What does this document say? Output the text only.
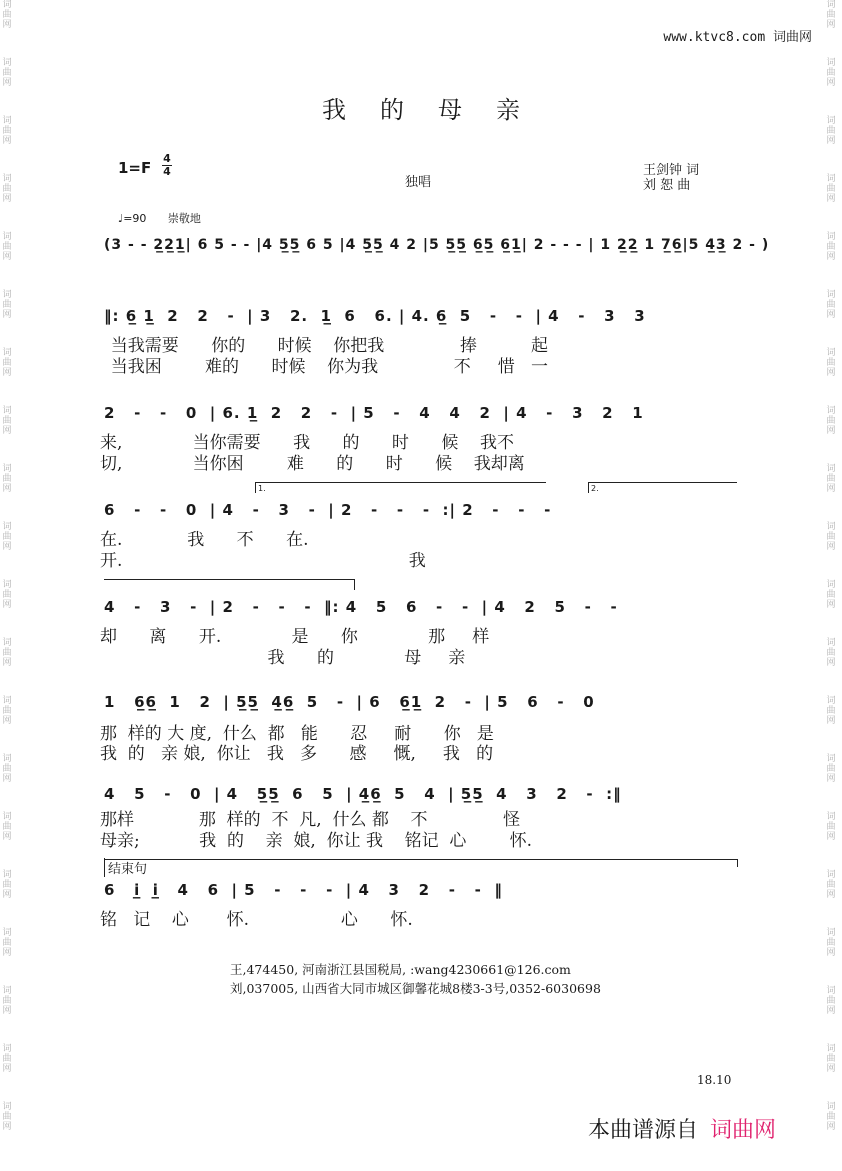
词
曲
网
词
曲
网
词
曲
网
词
曲
网
词
曲
网
词
曲
网
词
曲
网
词
曲
网
词
曲
网
词
曲
网
词
曲
网
词
曲
网
词
曲
网
词
曲
网
词
曲
网
词
曲
网
词
曲
网
词
曲
网
词
曲
网
词
曲
网
词
曲
网
词
曲
网
词
曲
网
词
曲
网
词
曲
网
词
曲
网
词
曲
网
词
曲
网
词
曲
网
词
曲
网
词
曲
网
词
曲
网
词
曲
网
词
曲
网
词
曲
网
词
曲
网
词
曲
网
词
曲
网
词
曲
网
词
曲
网
www.ktvc8.com 词曲网
我的母亲
1=F
4
4
独唱
王剑钟 词
刘 恕 曲
♩=90 崇敬地
(3 - - 2̲2̲1̲| 6 5 - - |4 5̲5̲ 6 5 |4 5̲5̲ 4 2 |5 5̲5̲ 6̲5̲ 6̲1̲| 2 - - - | 1 2̲2̲ 1 7̲6̲|5 4̲3̲ 2 - )
‖: 6̲ 1̲  2   2   -  | 3   2.  1̲  6   6. | 4. 6̲  5   -   -  | 4   -   3   3
当我需要      你的      时候    你把我              捧          起
当我困        难的      时候    你为我              不     惜   一
2   -   -   0  | 6. 1̲  2   2   -  | 5   -   4   4   2  | 4   -   3   2   1
来,             当你需要      我      的      时      候    我不
切,             当你困        难      的      时      候    我却离
1.	2.
6   -   -   0  | 4   -   3   -  | 2   -   -   -  :| 2   -   -   -
在.            我      不      在.
开.                                                     我
4   -   3   -  | 2   -   -   -  ‖: 4   5   6   -   -  | 4   2   5   -   -
却      离      开.             是      你             那     样
我      的             母     亲
1   6̲6̲  1   2  | 5̲5̲  4̲6̲  5   -  | 6   6̲1̲  2   -  | 5   6   -   0
那  样的 大 度,  什么  都   能      忍     耐      你   是
我  的   亲 娘,  你让   我   多      感     慨,     我   的
4   5   -   0  | 4   5̲5̲  6   5  | 4̲6̲  5   4  | 5̲5̲  4   3   2   -  :‖
那样            那  样的  不  凡,  什么 都    不              怪
母亲;           我  的    亲  娘,  你让 我    铭记  心        怀.
结束句
6   i̲  i̲   4   6  | 5   -   -   -  | 4   3   2   -   -  ‖
铭   记    心       怀.                 心      怀.
王,474450, 河南浙江县国税局, :wang4230661@126.com
刘,037005, 山西省大同市城区御馨花城8楼3-3号,0352-6030698
18.10
本曲谱源自 词曲网
